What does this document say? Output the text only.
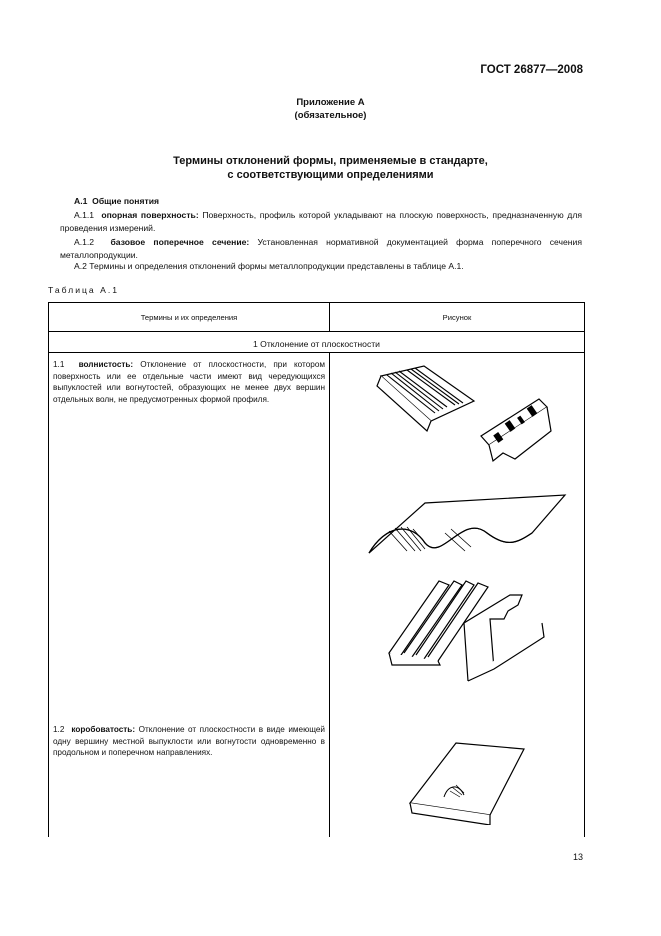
ГОСТ 26877—2008
Приложение А
(обязательное)
Термины отклонений формы, применяемые в стандарте,
с соответствующими определениями
А.1 Общие понятия
А.1.1 опорная поверхность: Поверхность, профиль которой укладывают на плоскую поверхность, предназначенную для проведения измерений.
А.1.2 базовое поперечное сечение: Установленная нормативной документацией форма поперечного сечения металлопродукции.
А.2 Термины и определения отклонений формы металлопродукции представлены в таблице А.1.
Таблица А.1
Термины и их определения	Рисунок
1 Отклонение от плоскостности
1.1 волнистость: Отклонение от плоскостности, при котором поверхность или ее отдельные части имеют вид чередующихся выпуклостей или вогнутостей, образующих не менее двух вершин отдельных волн, не предусмотренных формой профиля.
1.2 коробоватость: Отклонение от плоскостности в виде имеющей одну вершину местной выпуклости или вогнутости одновременно в продольном и поперечном направлениях.
13
